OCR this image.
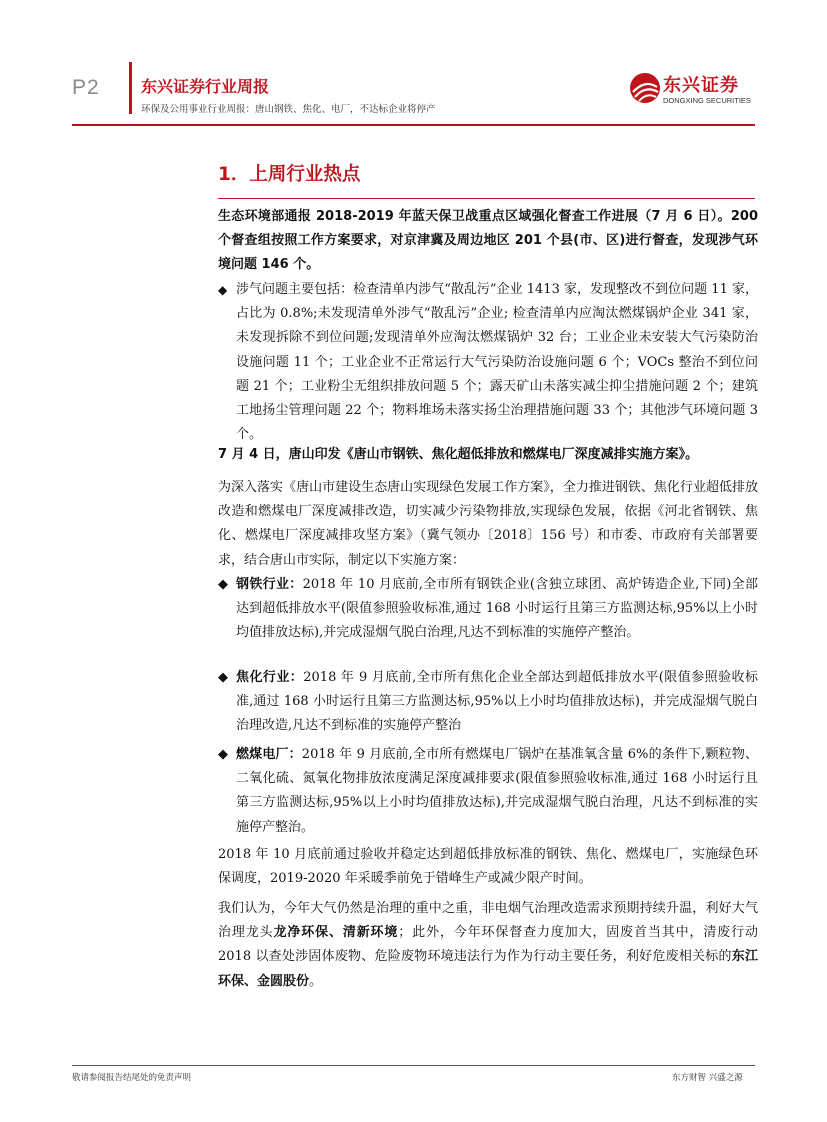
P2	东兴证券行业周报
环保及公用事业行业周报：唐山钢铁、焦化、电厂，不达标企业将停产
东兴证券
DONGXING SECURITIES
1．上周行业热点
生态环境部通报 2018-2019 年蓝天保卫战重点区域强化督查工作进展（7 月 6 日）。200 个督查组按照工作方案要求，对京津冀及周边地区 201 个县(市、区)进行督查，发现涉气环境问题 146 个。
◆ 涉气问题主要包括：检查清单内涉气“散乱污”企业 1413 家，发现整改不到位问题 11 家，占比为 0.8%;未发现清单外涉气“散乱污”企业; 检查清单内应淘汰燃煤锅炉企业 341 家，未发现拆除不到位问题;发现清单外应淘汰燃煤锅炉 32 台；工业企业未安装大气污染防治设施问题 11 个；工业企业不正常运行大气污染防治设施问题 6 个；VOCs 整治不到位问题 21 个；工业粉尘无组织排放问题 5 个；露天矿山未落实减尘抑尘措施问题 2 个；建筑工地扬尘管理问题 22 个；物料堆场未落实扬尘治理措施问题 33 个；其他涉气环境问题 3 个。
7 月 4 日，唐山印发《唐山市钢铁、焦化超低排放和燃煤电厂深度减排实施方案》。
为深入落实《唐山市建设生态唐山实现绿色发展工作方案》，全力推进钢铁、焦化行业超低排放改造和燃煤电厂深度减排改造，切实减少污染物排放,实现绿色发展，依据《河北省钢铁、焦化、燃煤电厂深度减排攻坚方案》（冀气领办〔2018〕156 号）和市委、市政府有关部署要求，结合唐山市实际，制定以下实施方案：
◆ 钢铁行业：2018 年 10 月底前,全市所有钢铁企业(含独立球团、高炉铸造企业,下同)全部达到超低排放水平(限值参照验收标准,通过 168 小时运行且第三方监测达标,95%以上小时均值排放达标),并完成湿烟气脱白治理,凡达不到标准的实施停产整治。
◆ 焦化行业：2018 年 9 月底前,全市所有焦化企业全部达到超低排放水平(限值参照验收标准,通过 168 小时运行且第三方监测达标,95%以上小时均值排放达标)，并完成湿烟气脱白治理改造,凡达不到标准的实施停产整治
◆ 燃煤电厂：2018 年 9 月底前,全市所有燃煤电厂锅炉在基准氧含量 6%的条件下,颗粒物、二氧化硫、氮氧化物排放浓度满足深度减排要求(限值参照验收标准,通过 168 小时运行且第三方监测达标,95%以上小时均值排放达标),并完成湿烟气脱白治理，凡达不到标准的实施停产整治。
2018 年 10 月底前通过验收并稳定达到超低排放标准的钢铁、焦化、燃煤电厂，实施绿色环保调度，2019-2020 年采暖季前免于错峰生产或减少限产时间。
我们认为，今年大气仍然是治理的重中之重，非电烟气治理改造需求预期持续升温，利好大气治理龙头龙净环保、清新环境；此外，今年环保督查力度加大，固废首当其中，清废行动 2018 以查处涉固体废物、危险废物环境违法行为作为行动主要任务，利好危废相关标的东江环保、金圆股份。
敬请参阅报告结尾处的免责声明	东方财智 兴盛之源
